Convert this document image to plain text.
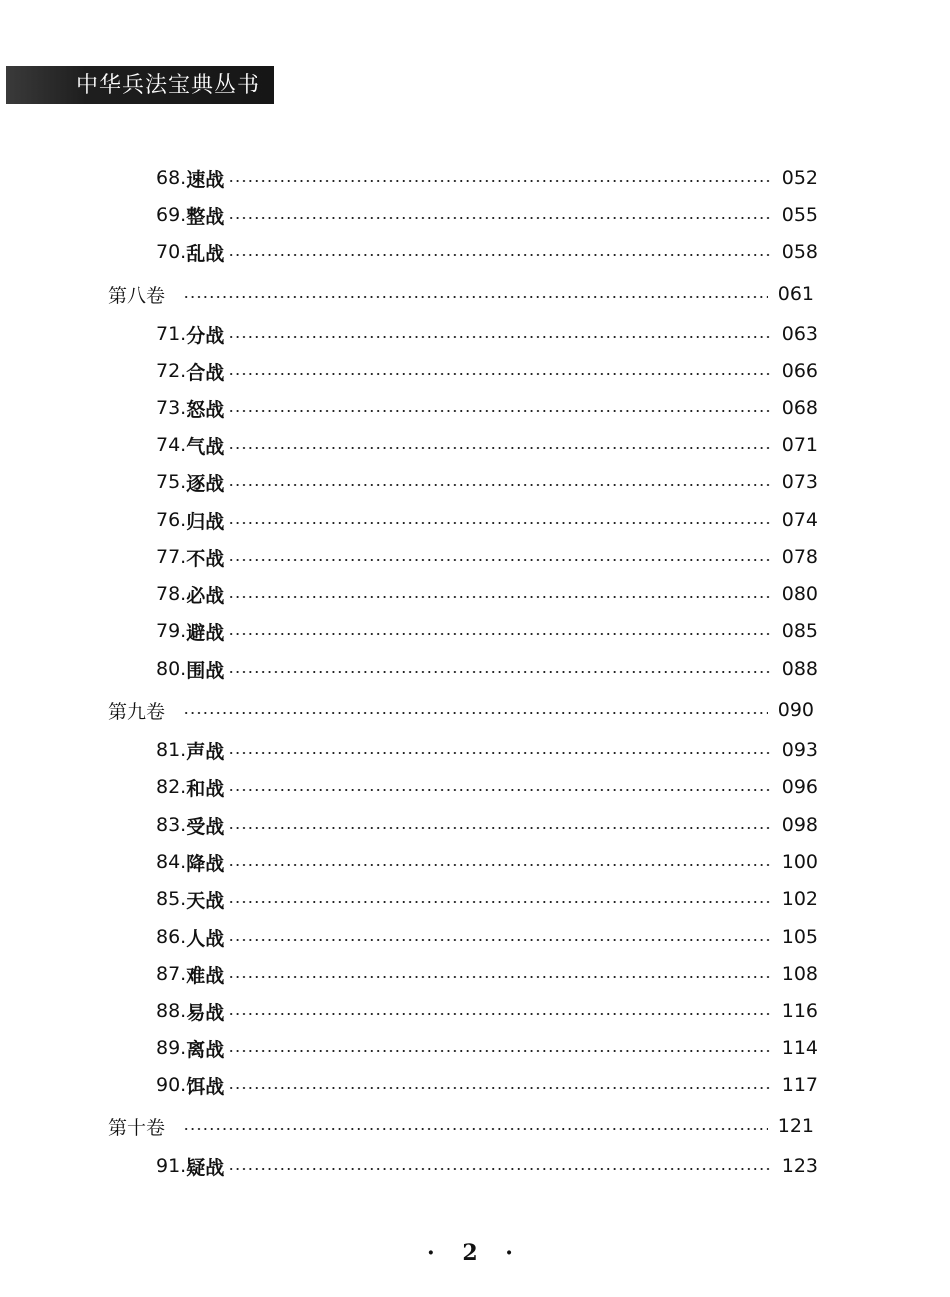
中华兵法宝典丛书
68. 速战	052
69. 整战	055
70. 乱战	058
第八卷	061
71. 分战	063
72. 合战	066
73. 怒战	068
74. 气战	071
75. 逐战	073
76. 归战	074
77. 不战	078
78. 必战	080
79. 避战	085
80. 围战	088
第九卷	090
81. 声战	093
82. 和战	096
83. 受战	098
84. 降战	100
85. 天战	102
86. 人战	105
87. 难战	108
88. 易战	116
89. 离战	114
90. 饵战	117
第十卷	121
91. 疑战	123
· 2 ·
